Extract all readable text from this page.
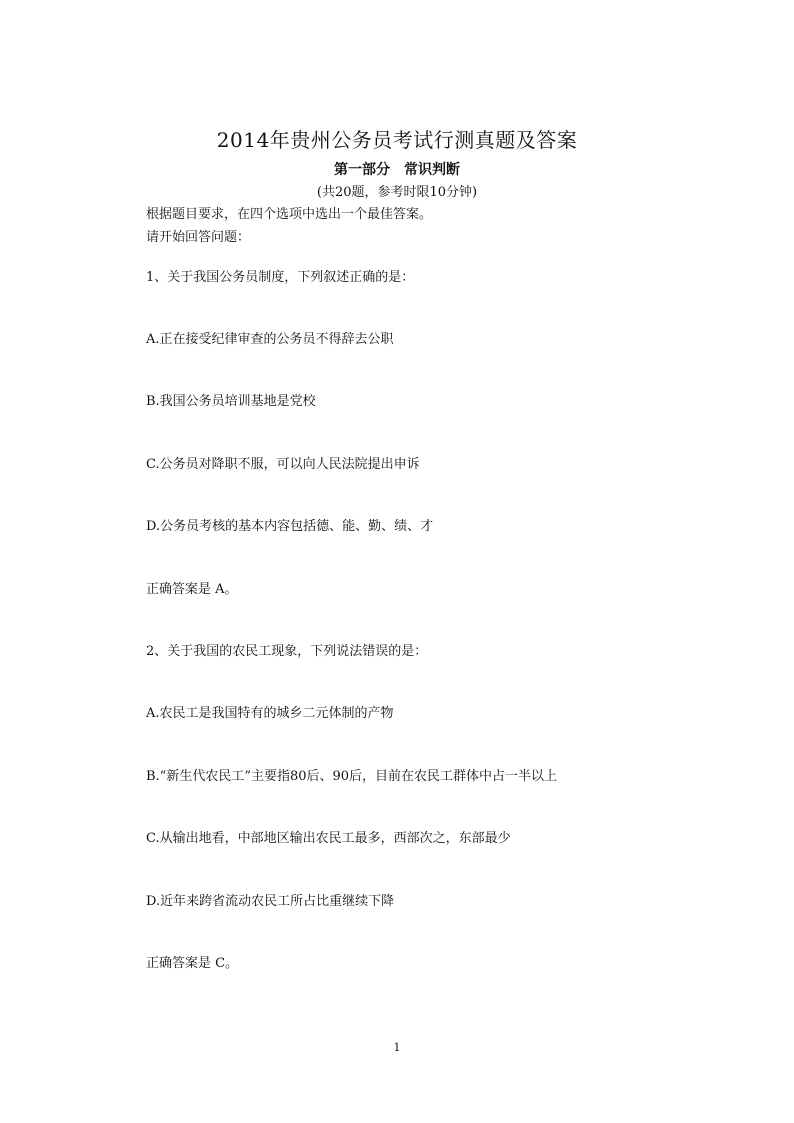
2014年贵州公务员考试行测真题及答案
第一部分　常识判断
(共20题，参考时限10分钟)
根据题目要求，在四个选项中选出一个最佳答案。
请开始回答问题：
1、关于我国公务员制度，下列叙述正确的是：
A.正在接受纪律审查的公务员不得辞去公职
B.我国公务员培训基地是党校
C.公务员对降职不服，可以向人民法院提出申诉
D.公务员考核的基本内容包括德、能、勤、绩、才
正确答案是 A。
2、关于我国的农民工现象，下列说法错误的是：
A.农民工是我国特有的城乡二元体制的产物
B.“新生代农民工”主要指80后、90后，目前在农民工群体中占一半以上
C.从输出地看，中部地区输出农民工最多，西部次之，东部最少
D.近年来跨省流动农民工所占比重继续下降
正确答案是 C。
1
